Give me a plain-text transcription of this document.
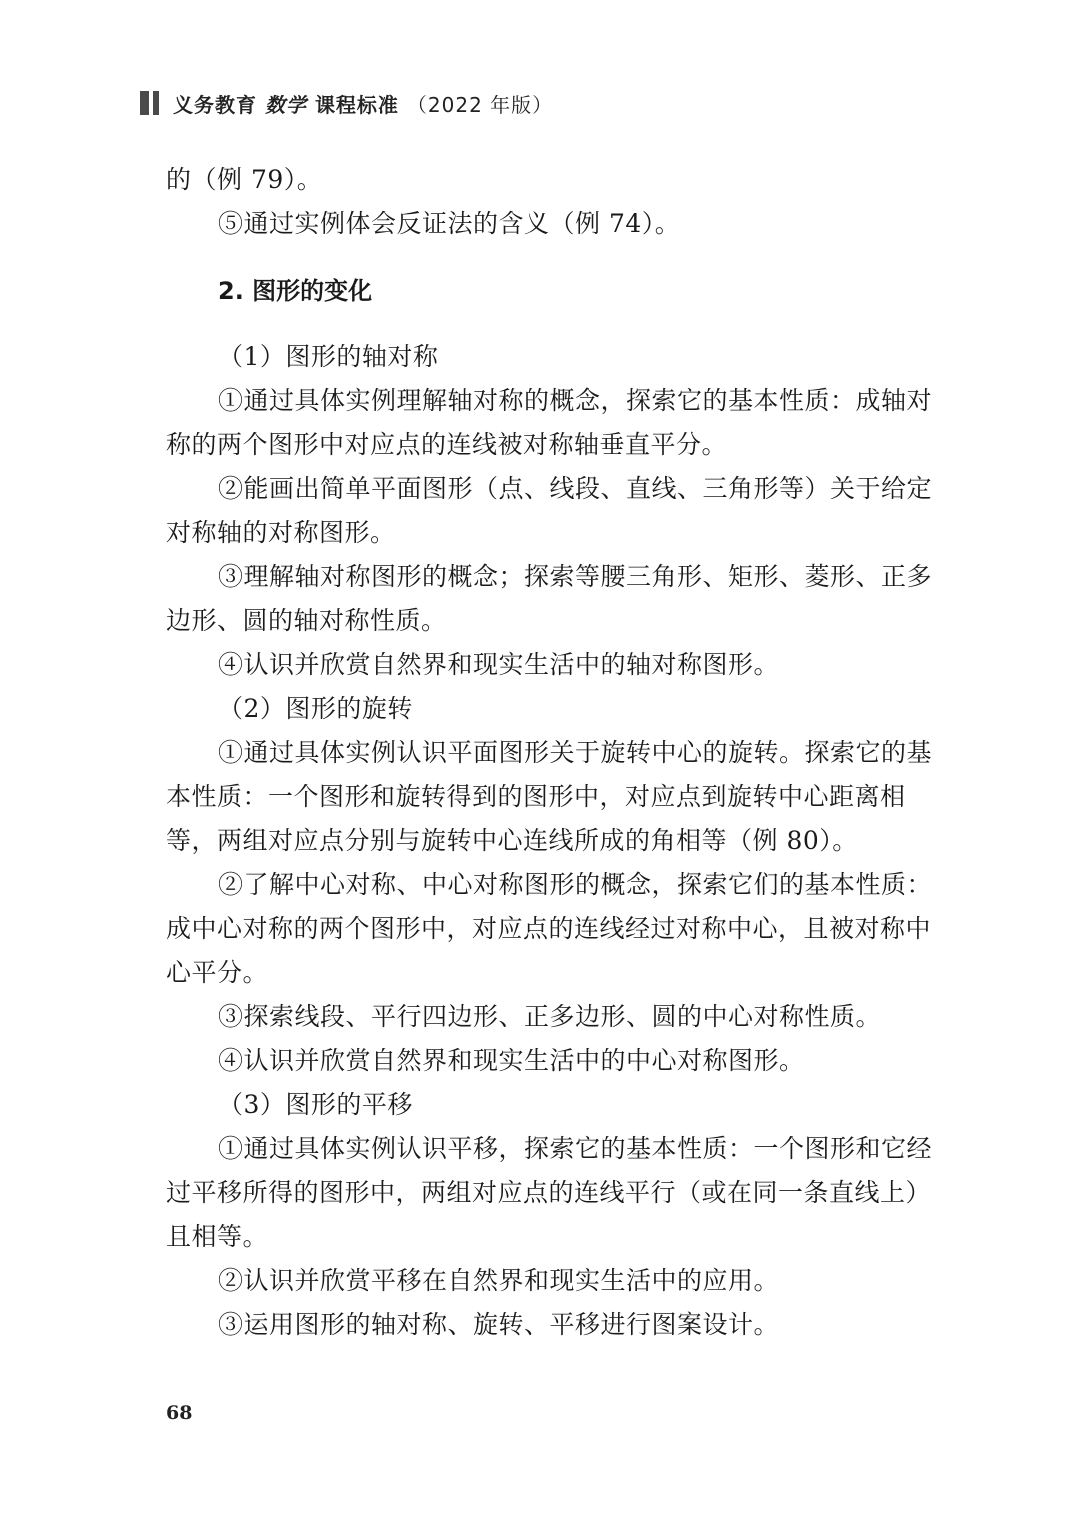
义务教育 数学 课程标准 （2022 年版）

的（例 79）。

⑤通过实例体会反证法的含义（例 74）。

2. 图形的变化

（1）图形的轴对称

①通过具体实例理解轴对称的概念，探索它的基本性质：成轴对

称的两个图形中对应点的连线被对称轴垂直平分。

②能画出简单平面图形（点、线段、直线、三角形等）关于给定

对称轴的对称图形。

③理解轴对称图形的概念；探索等腰三角形、矩形、菱形、正多

边形、圆的轴对称性质。

④认识并欣赏自然界和现实生活中的轴对称图形。

（2）图形的旋转

①通过具体实例认识平面图形关于旋转中心的旋转。探索它的基

本性质：一个图形和旋转得到的图形中，对应点到旋转中心距离相

等，两组对应点分别与旋转中心连线所成的角相等（例 80）。

②了解中心对称、中心对称图形的概念，探索它们的基本性质：

成中心对称的两个图形中，对应点的连线经过对称中心，且被对称中

心平分。

③探索线段、平行四边形、正多边形、圆的中心对称性质。

④认识并欣赏自然界和现实生活中的中心对称图形。

（3）图形的平移

①通过具体实例认识平移，探索它的基本性质：一个图形和它经

过平移所得的图形中，两组对应点的连线平行（或在同一条直线上）

且相等。

②认识并欣赏平移在自然界和现实生活中的应用。

③运用图形的轴对称、旋转、平移进行图案设计。

68
